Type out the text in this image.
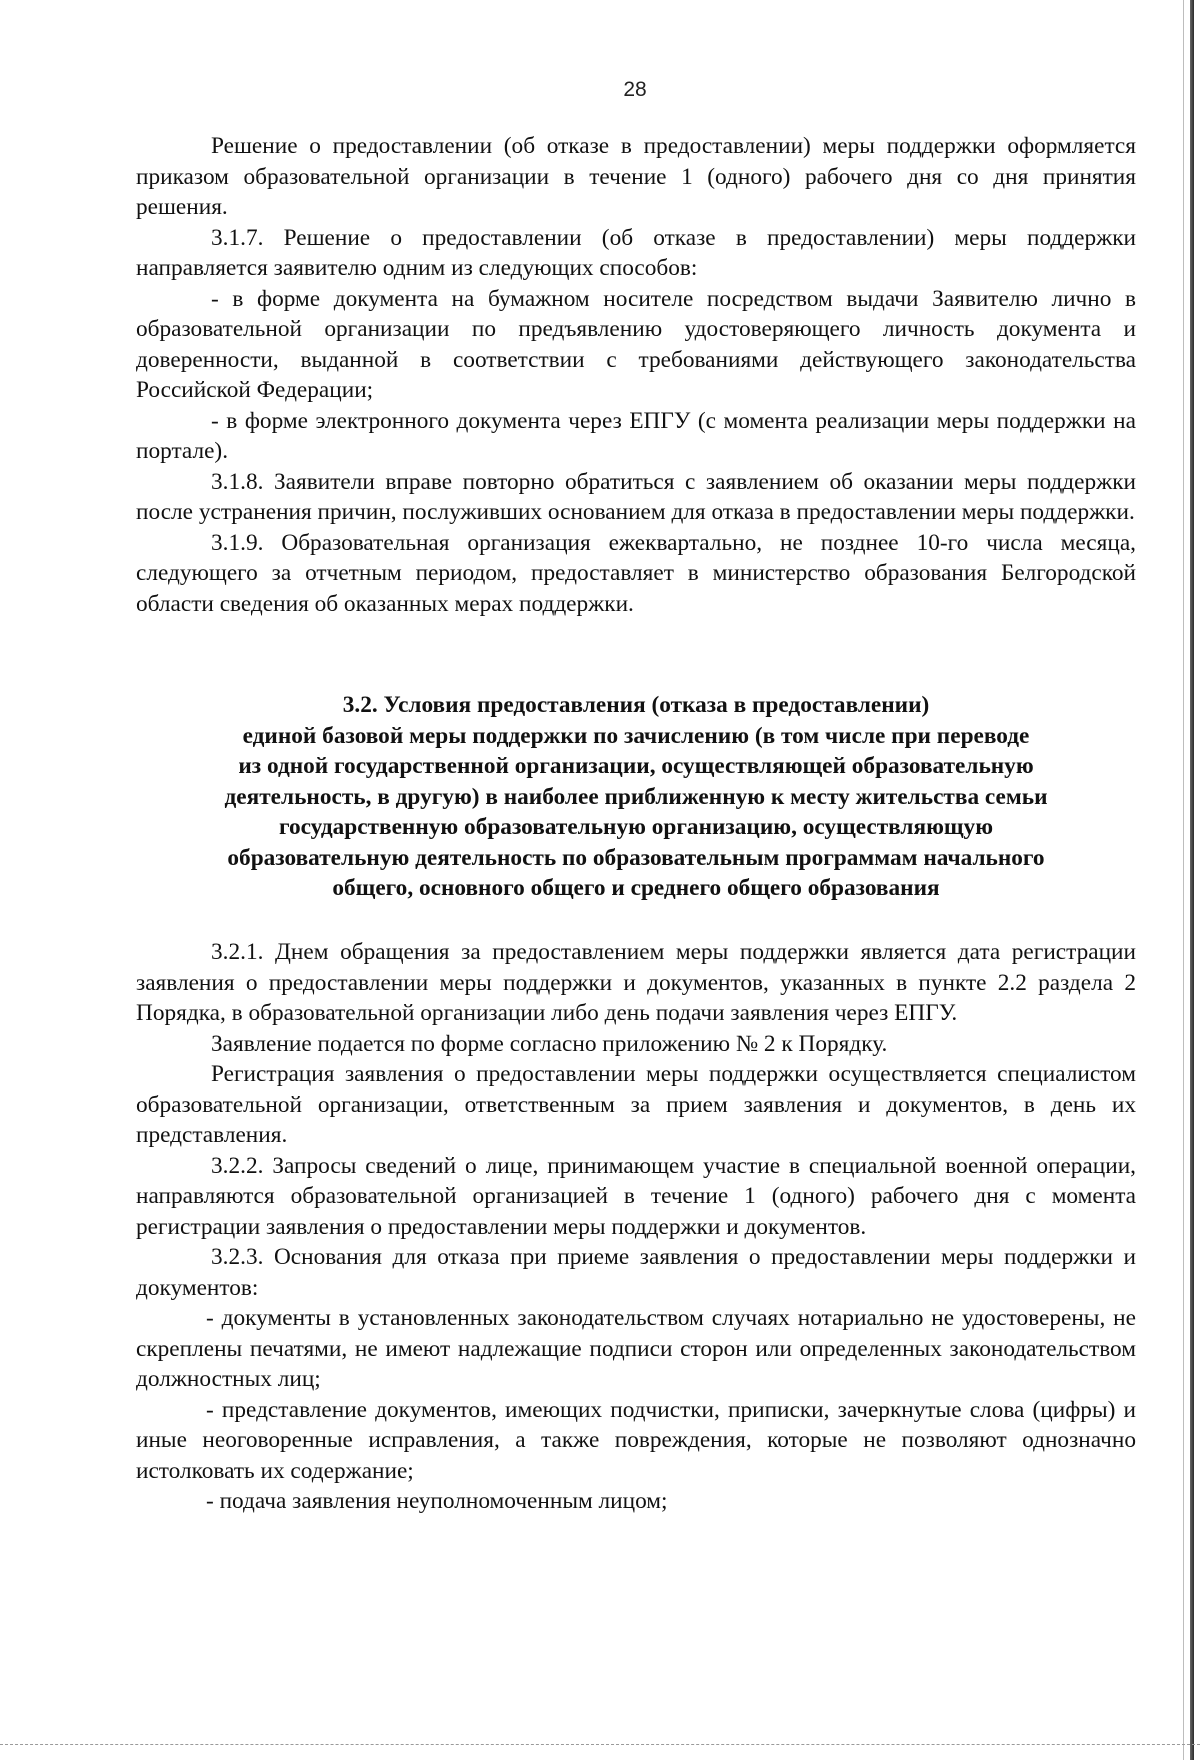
28

Решение о предоставлении (об отказе в предоставлении) меры поддержки оформляется приказом образовательной организации в течение 1 (одного) рабочего дня со дня принятия решения.

3.1.7. Решение о предоставлении (об отказе в предоставлении) меры поддержки направляется заявителю одним из следующих способов:

- в форме документа на бумажном носителе посредством выдачи Заявителю лично в образовательной организации по предъявлению удостоверяющего личность документа и доверенности, выданной в соответствии с требованиями действующего законодательства Российской Федерации;

- в форме электронного документа через ЕПГУ (с момента реализации меры поддержки на портале).

3.1.8. Заявители вправе повторно обратиться с заявлением об оказании меры поддержки после устранения причин, послуживших основанием для отказа в предоставлении меры поддержки.

3.1.9. Образовательная организация ежеквартально, не позднее 10-го числа месяца, следующего за отчетным периодом, предоставляет в министерство образования Белгородской области сведения об оказанных мерах поддержки.

3.2. Условия предоставления (отказа в предоставлении)
единой базовой меры поддержки по зачислению (в том числе при переводе
из одной государственной организации, осуществляющей образовательную
деятельность, в другую) в наиболее приближенную к месту жительства семьи
государственную образовательную организацию, осуществляющую
образовательную деятельность по образовательным программам начального
общего, основного общего и среднего общего образования

3.2.1. Днем обращения за предоставлением меры поддержки является дата регистрации заявления о предоставлении меры поддержки и документов, указанных в пункте 2.2 раздела 2 Порядка, в образовательной организации либо день подачи заявления через ЕПГУ.

Заявление подается по форме согласно приложению № 2 к Порядку.

Регистрация заявления о предоставлении меры поддержки осуществляется специалистом образовательной организации, ответственным за прием заявления и документов, в день их представления.

3.2.2. Запросы сведений о лице, принимающем участие в специальной военной операции, направляются образовательной организацией в течение 1 (одного) рабочего дня с момента регистрации заявления о предоставлении меры поддержки и документов.

3.2.3. Основания для отказа при приеме заявления о предоставлении меры поддержки и документов:

- документы в установленных законодательством случаях нотариально не удостоверены, не скреплены печатями, не имеют надлежащие подписи сторон или определенных законодательством должностных лиц;

- представление документов, имеющих подчистки, приписки, зачеркнутые слова (цифры) и иные неоговоренные исправления, а также повреждения, которые не позволяют однозначно истолковать их содержание;

- подача заявления неуполномоченным лицом;
